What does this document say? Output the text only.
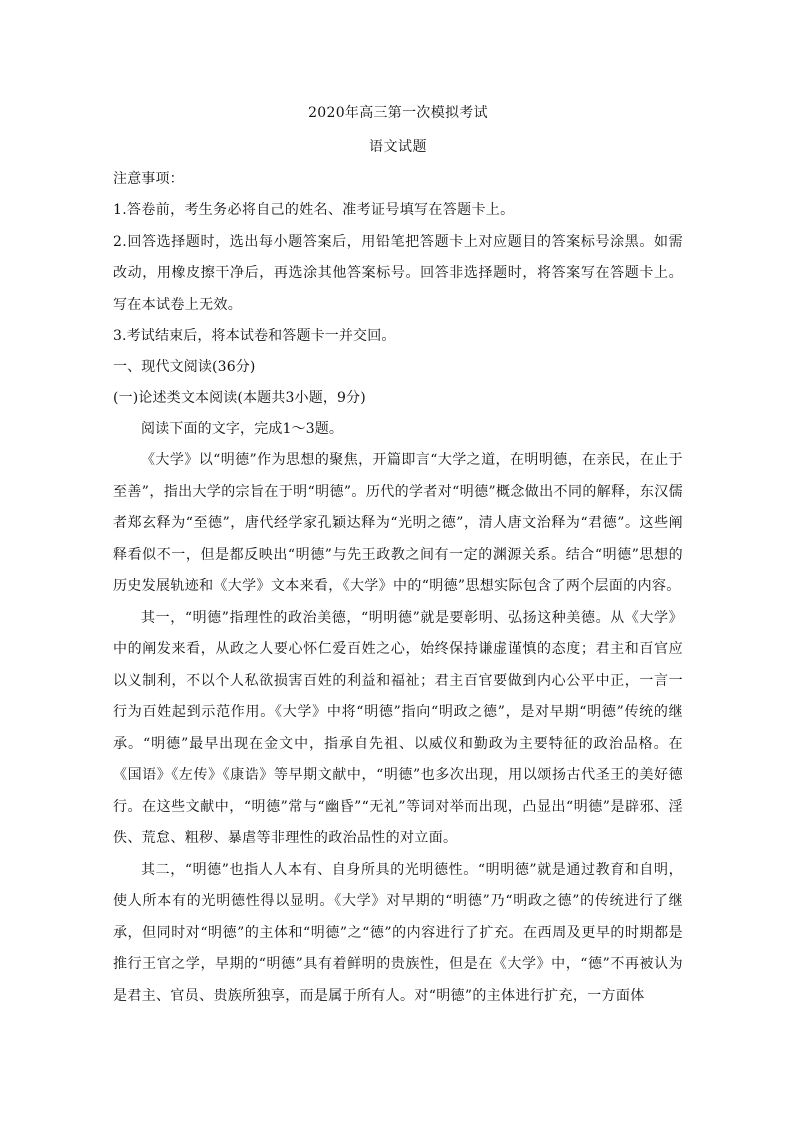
2020年高三第一次模拟考试
语文试题
注意事项：
1.答卷前，考生务必将自己的姓名、准考证号填写在答题卡上。
2.回答选择题时，选出每小题答案后，用铅笔把答题卡上对应题目的答案标号涂黑。如需改动，用橡皮擦干净后，再选涂其他答案标号。回答非选择题时，将答案写在答题卡上。写在本试卷上无效。
3.考试结束后，将本试卷和答题卡一并交回。
一、现代文阅读(36分)
(一)论述类文本阅读(本题共3小题，9分)
阅读下面的文字，完成1～3题。

《大学》以“明德”作为思想的聚焦，开篇即言“大学之道，在明明德，在亲民，在止于至善”，指出大学的宗旨在于明“明德”。历代的学者对“明德”概念做出不同的解释，东汉儒者郑玄释为“至德”，唐代经学家孔颖达释为“光明之德”，清人唐文治释为“君德”。这些阐释看似不一，但是都反映出“明德”与先王政教之间有一定的渊源关系。结合“明德”思想的历史发展轨迹和《大学》文本来看，《大学》中的“明德”思想实际包含了两个层面的内容。

其一，“明德”指理性的政治美德，“明明德”就是要彰明、弘扬这种美德。从《大学》中的阐发来看，从政之人要心怀仁爱百姓之心，始终保持谦虚谨慎的态度；君主和百官应以义制利，不以个人私欲损害百姓的利益和福祉；君主百官要做到内心公平中正，一言一行为百姓起到示范作用。《大学》中将“明德”指向“明政之德”，是对早期“明德”传统的继承。“明德”最早出现在金文中，指承自先祖、以威仪和勤政为主要特征的政治品格。在《国语》《左传》《康诰》等早期文献中，“明德”也多次出现，用以颂扬古代圣王的美好德行。在这些文献中，“明德”常与“幽昏”“无礼”等词对举而出现，凸显出“明德”是辟邪、淫佚、荒怠、粗秽、暴虐等非理性的政治品性的对立面。

其二，“明德”也指人人本有、自身所具的光明德性。“明明德”就是通过教育和自明，使人所本有的光明德性得以显明。《大学》对早期的“明德”乃“明政之德”的传统进行了继承，但同时对“明德”的主体和“明德”之“德”的内容进行了扩充。在西周及更早的时期都是推行王官之学，早期的“明德”具有着鲜明的贵族性，但是在《大学》中，“德”不再被认为是君主、官员、贵族所独享，而是属于所有人。对“明德”的主体进行扩充，一方面体
